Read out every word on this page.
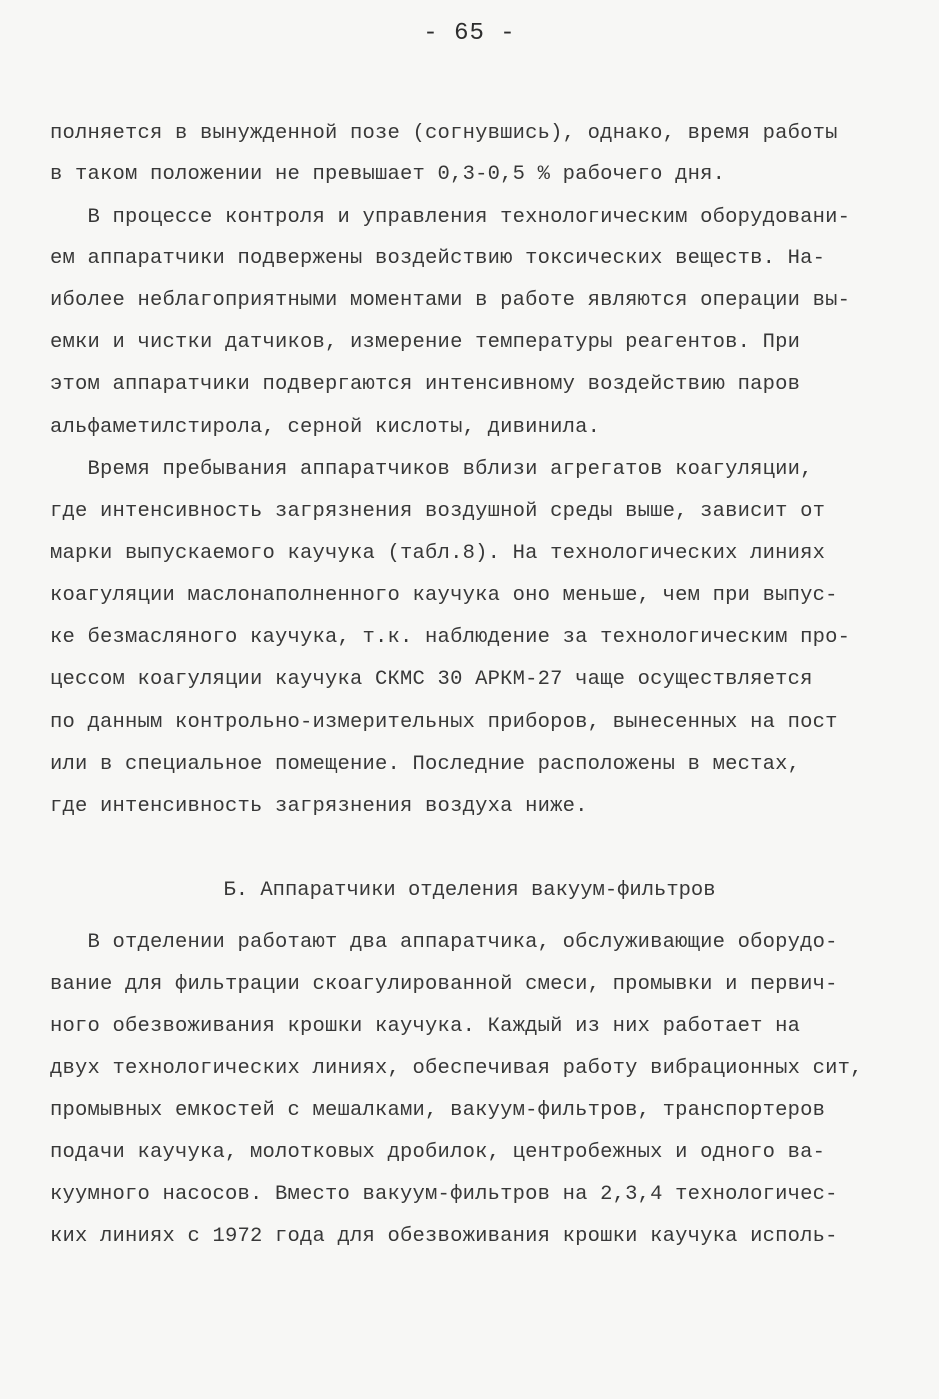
- 65 -
полняется в вынужденной позе (согнувшись), однако, время работы
в таком положении не превышает 0,3-0,5 % рабочего дня.
В процессе контроля и управления технологическим оборудовани-
ем аппаратчики подвержены воздействию токсических веществ. На-
иболее неблагоприятными моментами в работе являются операции вы-
емки и чистки датчиков, измерение температуры реагентов. При
этом аппаратчики подвергаются интенсивному воздействию паров
альфаметилстирола, серной кислоты, дивинила.
Время пребывания аппаратчиков вблизи агрегатов коагуляции,
где интенсивность загрязнения воздушной среды выше, зависит от
марки выпускаемого каучука (табл.8). На технологических линиях
коагуляции маслонаполненного каучука оно меньше, чем при выпус-
ке безмасляного каучука, т.к. наблюдение за технологическим про-
цессом коагуляции каучука СКМС 30 АРКМ-27 чаще осуществляется
по данным контрольно-измерительных приборов, вынесенных на пост
или в специальное помещение. Последние расположены в местах,
где интенсивность загрязнения воздуха ниже.
Б. Аппаратчики отделения вакуум-фильтров
В отделении работают два аппаратчика, обслуживающие оборудо-
вание для фильтрации скоагулированной смеси, промывки и первич-
ного обезвоживания крошки каучука. Каждый из них работает на
двух технологических линиях, обеспечивая работу вибрационных сит,
промывных емкостей с мешалками, вакуум-фильтров, транспортеров
подачи каучука, молотковых дробилок, центробежных и одного ва-
куумного насосов. Вместо вакуум-фильтров на 2,3,4 технологичес-
ких линиях с 1972 года для обезвоживания крошки каучука исполь-
